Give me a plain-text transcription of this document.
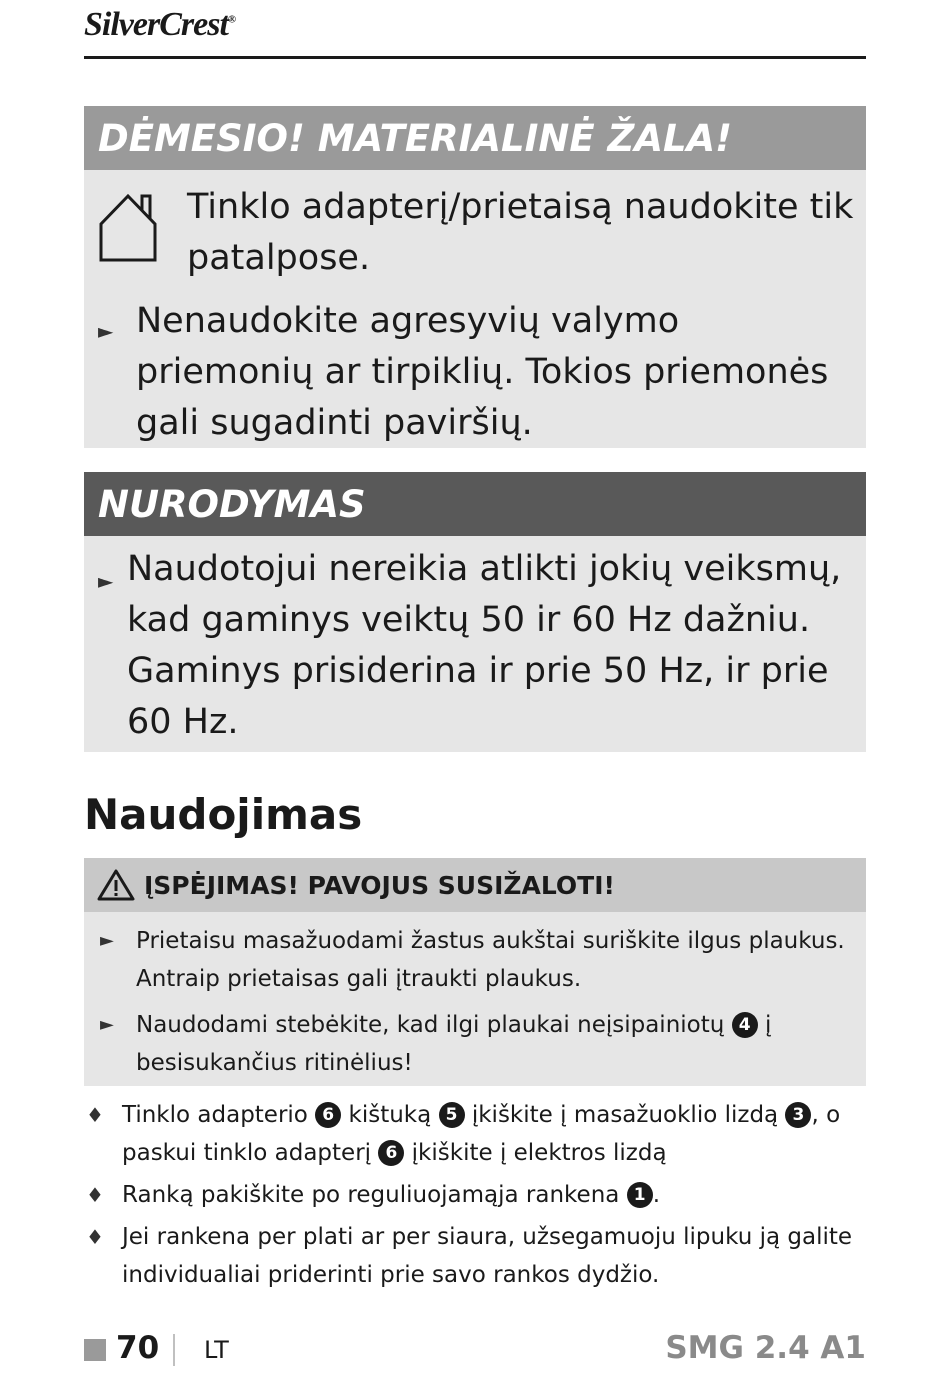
SilverCrest®
DĖMESIO! MATERIALINĖ ŽALA!
Tinklo adapterį/prietaisą naudokite tik patalpose.
► Nenaudokite agresyvių valymo priemonių ar tirpiklių. Tokios priemonės gali sugadinti paviršių.
NURODYMAS
► Naudotojui nereikia atlikti jokių veiksmų, kad gaminys veiktų 50 ir 60 Hz dažniu. Gaminys prisiderina ir prie 50 Hz, ir prie 60 Hz.
Naudojimas
ĮSPĖJIMAS! PAVOJUS SUSIŽALOTI!
► Prietaisu masažuodami žastus aukštai suriškite ilgus plaukus. Antraip prietaisas gali įtraukti plaukus.
► Naudodami stebėkite, kad ilgi plaukai neįsipainiotų 4 į besisukančius ritinėlius!
♦ Tinklo adapterio 6 kištuką 5 įkiškite į masažuoklio lizdą 3 , o paskui tinklo adapterį 6 įkiškite į elektros lizdą
♦ Ranką pakiškite po reguliuojamąja rankena 1 .
♦ Jei rankena per plati ar per siaura, užsegamuoju lipuku ją galite individualiai priderinti prie savo rankos dydžio.
70 LT	SMG 2.4 A1
